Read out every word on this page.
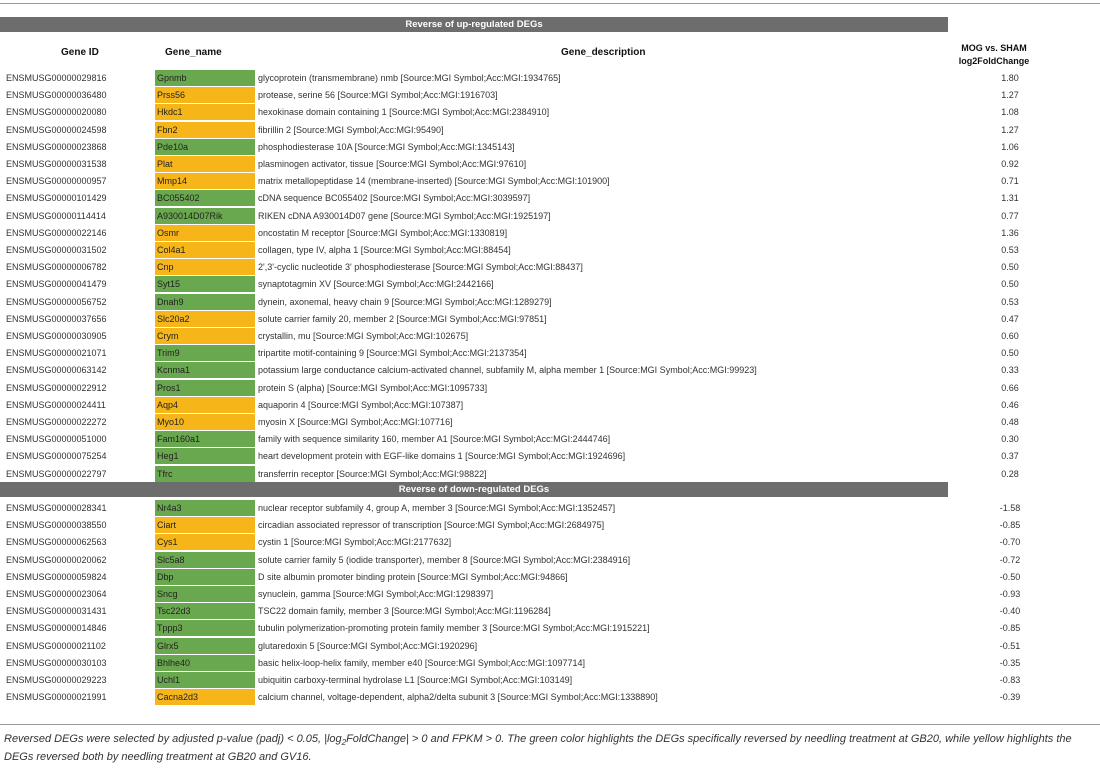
Reverse of up-regulated DEGs
Gene ID	Gene_name	Gene_description	MOG vs. SHAM
log2FoldChange
ENSMUSG00000029816	Gpnmb	glycoprotein (transmembrane) nmb [Source:MGI Symbol;Acc:MGI:1934765]	1.80
ENSMUSG00000036480	Prss56	protease, serine 56 [Source:MGI Symbol;Acc:MGI:1916703]	1.27
ENSMUSG00000020080	Hkdc1	hexokinase domain containing 1 [Source:MGI Symbol;Acc:MGI:2384910]	1.08
ENSMUSG00000024598	Fbn2	fibrillin 2 [Source:MGI Symbol;Acc:MGI:95490]	1.27
ENSMUSG00000023868	Pde10a	phosphodiesterase 10A [Source:MGI Symbol;Acc:MGI:1345143]	1.06
ENSMUSG00000031538	Plat	plasminogen activator, tissue [Source:MGI Symbol;Acc:MGI:97610]	0.92
ENSMUSG00000000957	Mmp14	matrix metallopeptidase 14 (membrane-inserted) [Source:MGI Symbol;Acc:MGI:101900]	0.71
ENSMUSG00000101429	BC055402	cDNA sequence BC055402 [Source:MGI Symbol;Acc:MGI:3039597]	1.31
ENSMUSG00000114414	A930014D07Rik	RIKEN cDNA A930014D07 gene [Source:MGI Symbol;Acc:MGI:1925197]	0.77
ENSMUSG00000022146	Osmr	oncostatin M receptor [Source:MGI Symbol;Acc:MGI:1330819]	1.36
ENSMUSG00000031502	Col4a1	collagen, type IV, alpha 1 [Source:MGI Symbol;Acc:MGI:88454]	0.53
ENSMUSG00000006782	Cnp	2',3'-cyclic nucleotide 3' phosphodiesterase [Source:MGI Symbol;Acc:MGI:88437]	0.50
ENSMUSG00000041479	Syt15	synaptotagmin XV [Source:MGI Symbol;Acc:MGI:2442166]	0.50
ENSMUSG00000056752	Dnah9	dynein, axonemal, heavy chain 9 [Source:MGI Symbol;Acc:MGI:1289279]	0.53
ENSMUSG00000037656	Slc20a2	solute carrier family 20, member 2 [Source:MGI Symbol;Acc:MGI:97851]	0.47
ENSMUSG00000030905	Crym	crystallin, mu [Source:MGI Symbol;Acc:MGI:102675]	0.60
ENSMUSG00000021071	Trim9	tripartite motif-containing 9 [Source:MGI Symbol;Acc:MGI:2137354]	0.50
ENSMUSG00000063142	Kcnma1	potassium large conductance calcium-activated channel, subfamily M, alpha member 1 [Source:MGI Symbol;Acc:MGI:99923]	0.33
ENSMUSG00000022912	Pros1	protein S (alpha) [Source:MGI Symbol;Acc:MGI:1095733]	0.66
ENSMUSG00000024411	Aqp4	aquaporin 4 [Source:MGI Symbol;Acc:MGI:107387]	0.46
ENSMUSG00000022272	Myo10	myosin X [Source:MGI Symbol;Acc:MGI:107716]	0.48
ENSMUSG00000051000	Fam160a1	family with sequence similarity 160, member A1 [Source:MGI Symbol;Acc:MGI:2444746]	0.30
ENSMUSG00000075254	Heg1	heart development protein with EGF-like domains 1 [Source:MGI Symbol;Acc:MGI:1924696]	0.37
ENSMUSG00000022797	Tfrc	transferrin receptor [Source:MGI Symbol;Acc:MGI:98822]	0.28
Reverse of down-regulated DEGs
ENSMUSG00000028341	Nr4a3	nuclear receptor subfamily 4, group A, member 3 [Source:MGI Symbol;Acc:MGI:1352457]	-1.58
ENSMUSG00000038550	Ciart	circadian associated repressor of transcription [Source:MGI Symbol;Acc:MGI:2684975]	-0.85
ENSMUSG00000062563	Cys1	cystin 1 [Source:MGI Symbol;Acc:MGI:2177632]	-0.70
ENSMUSG00000020062	Slc5a8	solute carrier family 5 (iodide transporter), member 8 [Source:MGI Symbol;Acc:MGI:2384916]	-0.72
ENSMUSG00000059824	Dbp	D site albumin promoter binding protein [Source:MGI Symbol;Acc:MGI:94866]	-0.50
ENSMUSG00000023064	Sncg	synuclein, gamma [Source:MGI Symbol;Acc:MGI:1298397]	-0.93
ENSMUSG00000031431	Tsc22d3	TSC22 domain family, member 3 [Source:MGI Symbol;Acc:MGI:1196284]	-0.40
ENSMUSG00000014846	Tppp3	tubulin polymerization-promoting protein family member 3 [Source:MGI Symbol;Acc:MGI:1915221]	-0.85
ENSMUSG00000021102	Glrx5	glutaredoxin 5 [Source:MGI Symbol;Acc:MGI:1920296]	-0.51
ENSMUSG00000030103	Bhlhe40	basic helix-loop-helix family, member e40 [Source:MGI Symbol;Acc:MGI:1097714]	-0.35
ENSMUSG00000029223	Uchl1	ubiquitin carboxy-terminal hydrolase L1 [Source:MGI Symbol;Acc:MGI:103149]	-0.83
ENSMUSG00000021991	Cacna2d3	calcium channel, voltage-dependent, alpha2/delta subunit 3 [Source:MGI Symbol;Acc:MGI:1338890]	-0.39
Reversed DEGs were selected by adjusted p-value (padj) < 0.05, $|\log_2FoldChange| > 0$ and FPKM > 0. The green color highlights the DEGs specifically reversed by needling treatment at GB20, while yellow highlights the DEGs reversed both by needling treatment at GB20 and GV16.
